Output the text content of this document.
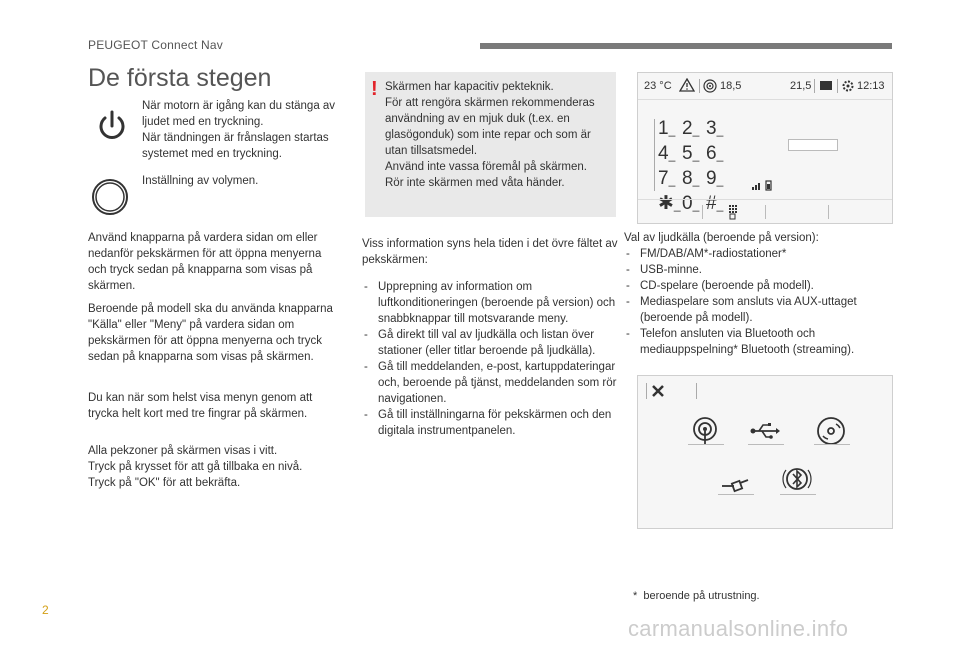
PEUGEOT Connect Nav
De första stegen
När motorn är igång kan du stänga av ljudet med en tryckning.
När tändningen är frånslagen startas systemet med en tryckning.
Inställning av volymen.
Använd knapparna på vardera sidan om eller nedanför pekskärmen för att öppna menyerna och tryck sedan på knapparna som visas på skärmen.
Beroende på modell ska du använda knapparna "Källa" eller "Meny" på vardera sidan om pekskärmen för att öppna menyerna och tryck sedan på knapparna som visas på skärmen.
Du kan när som helst visa menyn genom att trycka helt kort med tre fingrar på skärmen.
Alla pekzoner på skärmen visas i vitt.
Tryck på krysset för att gå tillbaka en nivå.
Tryck på "OK" för att bekräfta.
! Skärmen har kapacitiv pekteknik.
För att rengöra skärmen rekommenderas användning av en mjuk duk (t.ex. en glasögonduk) som inte repar och som är utan tillsatsmedel.
Använd inte vassa föremål på skärmen.
Rör inte skärmen med våta händer.

Viss information syns hela tiden i det övre fältet av pekskärmen:

- Upprepning av information om luftkonditioneringen (beroende på version) och snabbknappar till motsvarande meny.
- Gå direkt till val av ljudkälla och listan över stationer (eller titlar beroende på ljudkälla).
- Gå till meddelanden, e-post, kartuppdateringar och, beroende på tjänst, meddelanden som rör navigationen.
- Gå till inställningarna för pekskärmen och den digitala instrumentpanelen.
23 °C	18,5	21,5	12:13
1 _ 2 _ 3 _
4 _ 5 _ 6 _
7 _ 8 _ 9 _
✱ _ 0 _ # _

Val av ljudkälla (beroende på version):

- FM/DAB/AM*-radiostationer*
- USB-minne.
- CD-spelare (beroende på modell).
- Mediaspelare som ansluts via AUX-uttaget (beroende på modell).
- Telefon ansluten via Bluetooth och mediauppspelning* Bluetooth (streaming).
* beroende på utrustning.
2
carmanualsonline.info
